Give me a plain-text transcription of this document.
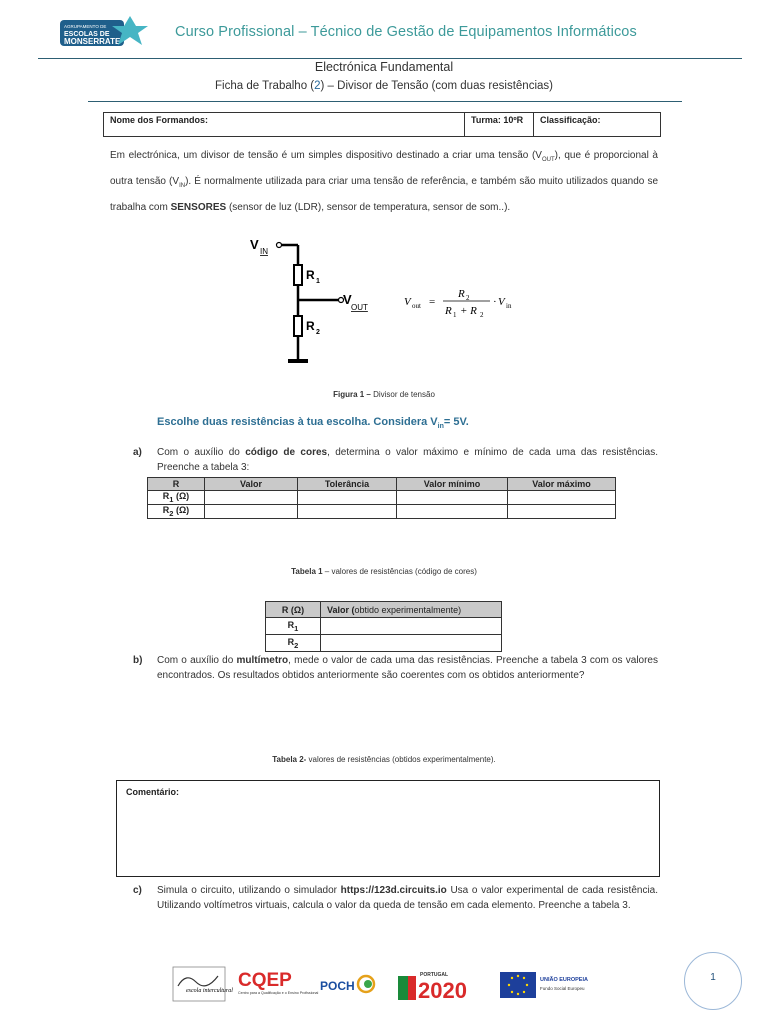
AGRUPAMENTO DE
ESCOLAS DE
MONSERRATE
Curso Profissional – Técnico de Gestão de Equipamentos Informáticos
Electrónica Fundamental
Ficha de Trabalho (2) – Divisor de Tensão (com duas resistências)
Nome dos Formandos:	Turma: 10ºR	Classificação:
Em electrónica, um divisor de tensão é um simples dispositivo destinado a criar uma tensão $(V_{OUT})$, que é proporcional à outra tensão $(V_{IN})$. É normalmente utilizada para criar uma tensão de referência, e também são muito utilizados quando se trabalha com SENSORES (sensor de luz (LDR), sensor de temperatura, sensor de som..).
V IN
R 1
V
OUT
R 2
V out =
R 2
R 1 + R 2
· V in
Figura 1 – Divisor de tensão
Escolhe duas resistências à tua escolha. Considera $V_{in}= 5V$.
a) Com o auxílio do código de cores, determina o valor máximo e mínimo de cada uma das resistências. Preenche a tabela 3:
R	Valor	Tolerância	Valor mínimo	Valor máximo
$R_1$ (Ω)				
$R_2$ (Ω)				
Tabela 1 – valores de resistências (código de cores)
R (Ω)	Valor (obtido experimentalmente)
$R_1$	
$R_2$	
b) Com o auxílio do multímetro, mede o valor de cada uma das resistências. Preenche a tabela 3 com os valores encontrados. Os resultados obtidos anteriormente são coerentes com os obtidos anteriormente?
Tabela 2- valores de resistências (obtidos experimentalmente).
Comentário:
c) Simula o circuito, utilizando o simulador https://123d.circuits.io Usa o valor experimental de cada resistência. Utilizando voltímetros virtuais, calcula o valor da queda de tensão em cada elemento. Preenche a tabela 3.
escola intercultural CQEP
Centro para a Qualificação e o Ensino Profissional POCH
PORTUGAL
2020	UNIÃO EUROPEIA
Fundo Social Europeu
1
